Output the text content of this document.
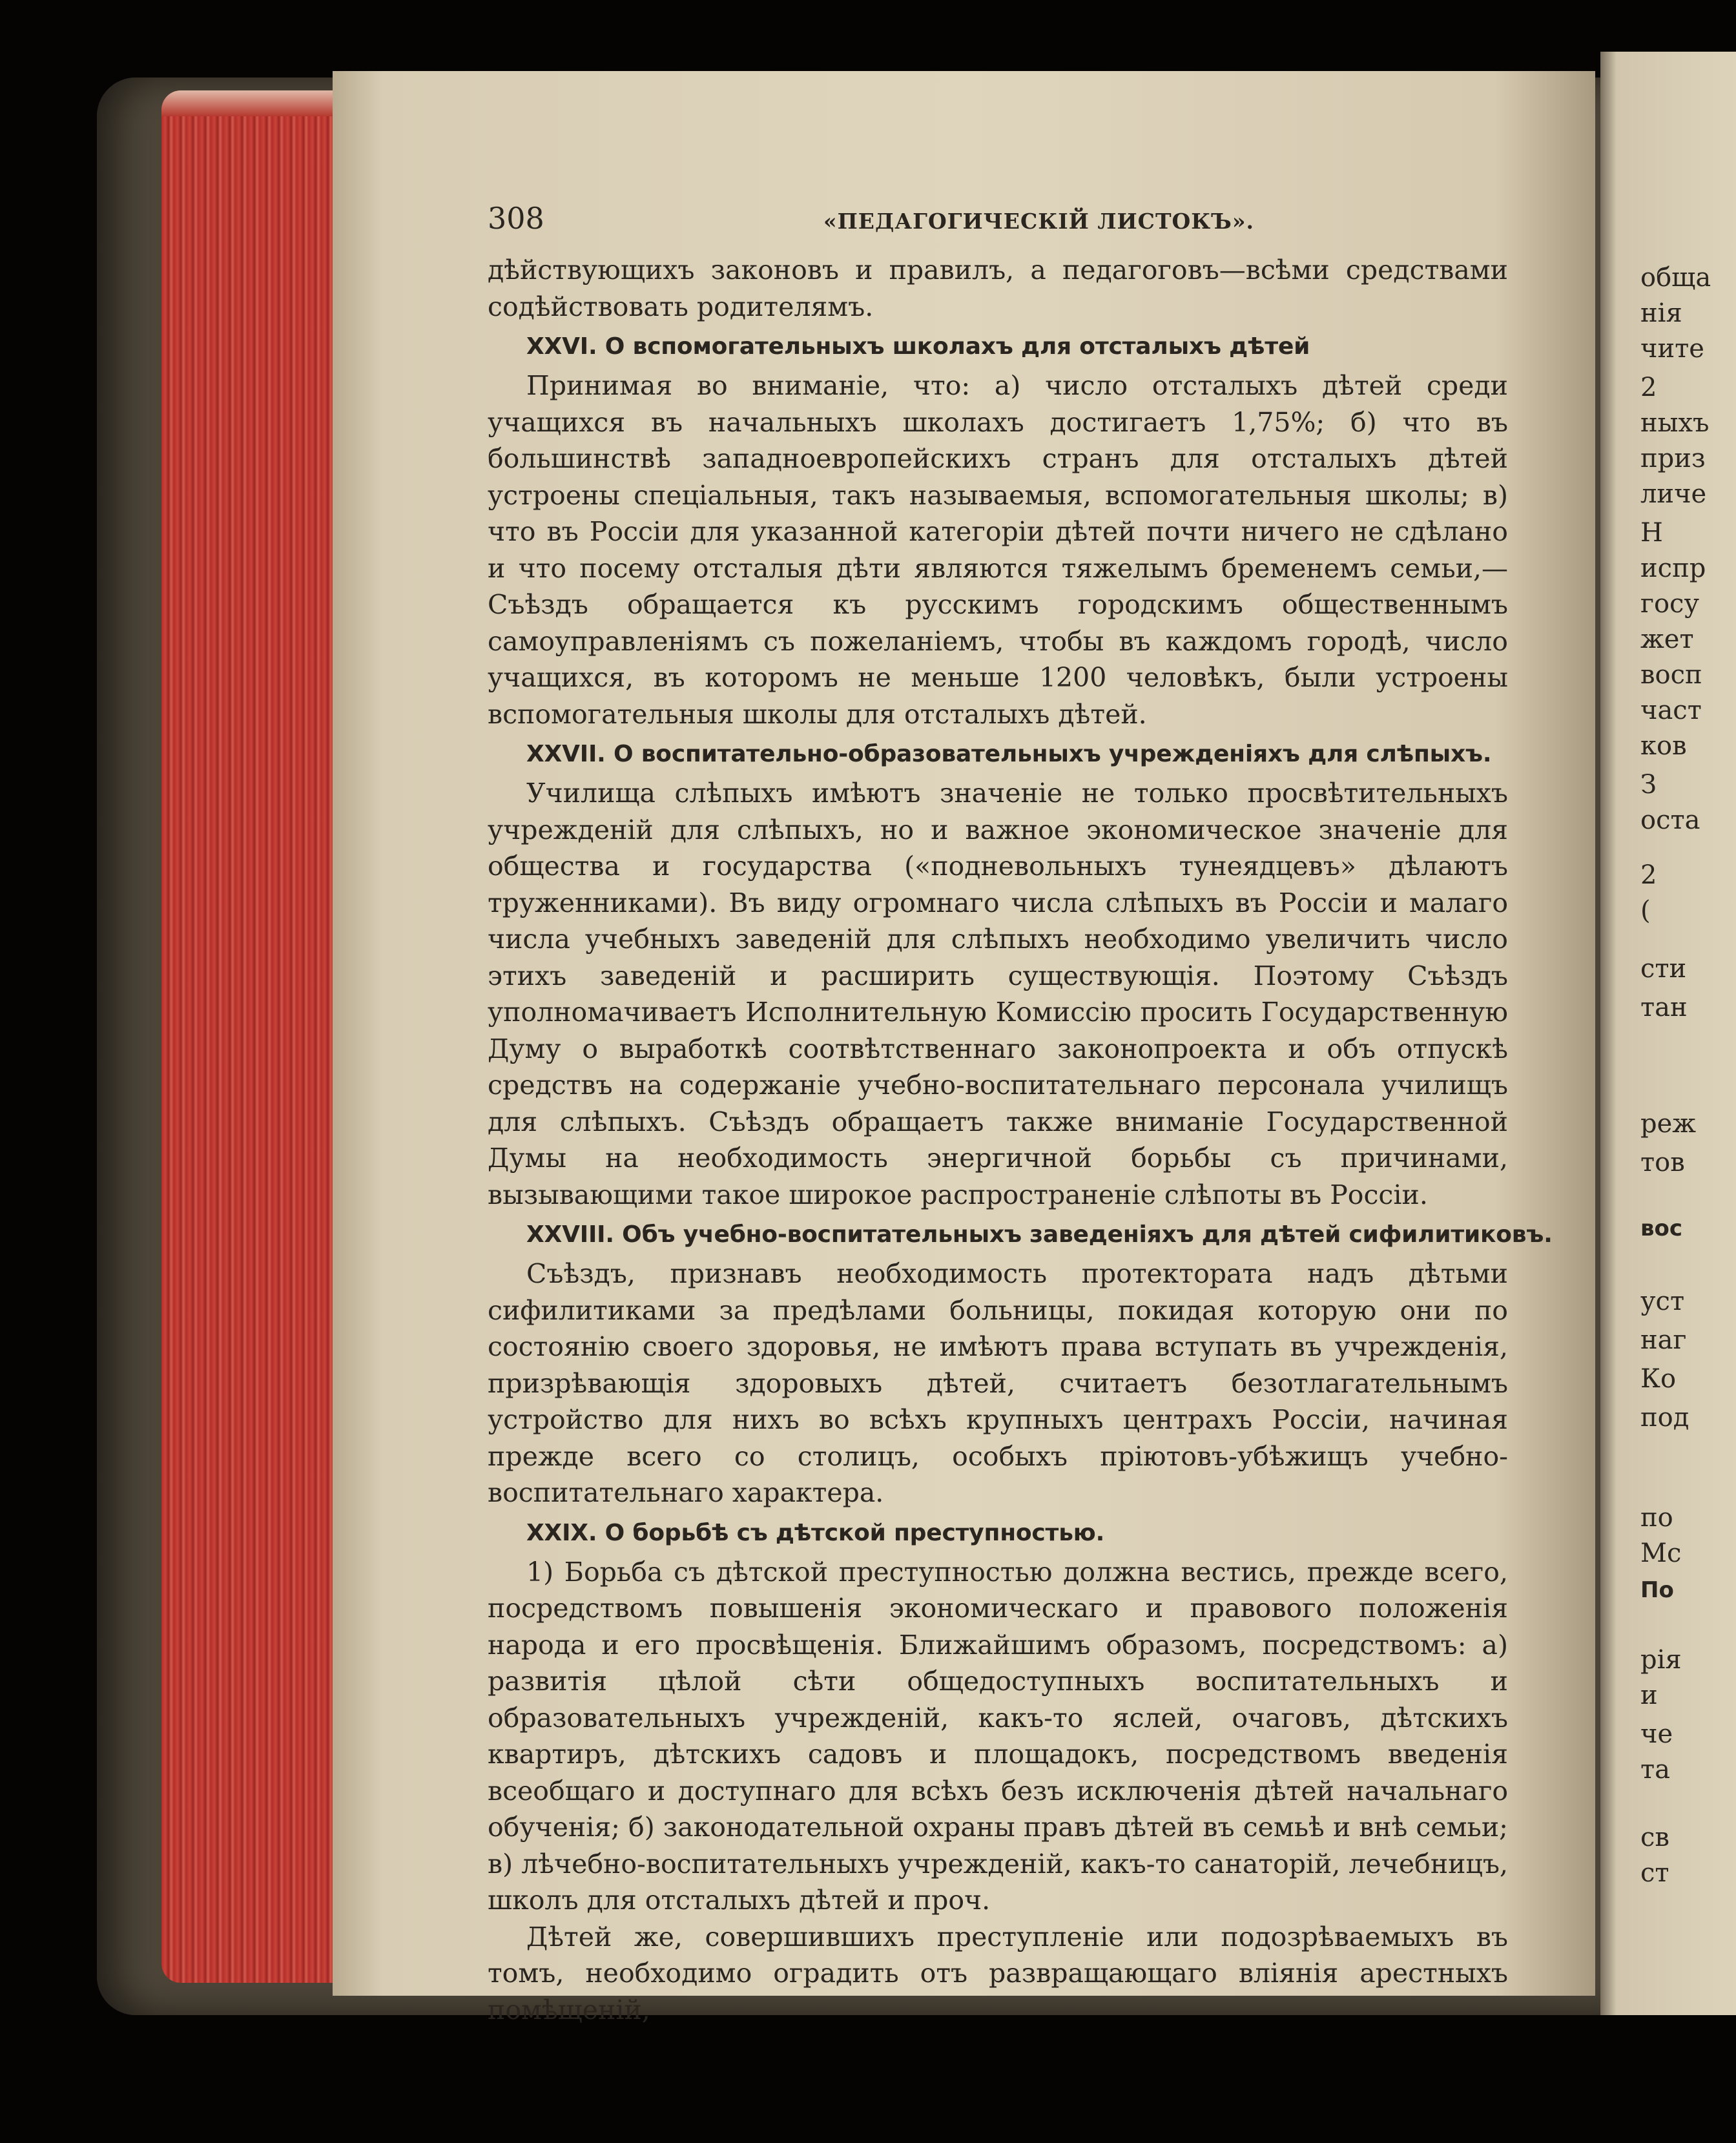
обща
нія
чите
2
ныхъ
приз
личе
Н
испр
госу
жет
восп
част
ков
З
оста
2
(
сти
тан
реж
тов
вос
уст
наг
Ко
под
по
Мс
По
рія
и
че
та
св
ст
308	«ПЕДАГОГИЧЕСКІЙ ЛИСТОКЪ».

дѣйствующихъ законовъ и правилъ, а педагоговъ—всѣми средствами содѣйствовать родителямъ.

XXVI. О вспомогательныхъ школахъ для отсталыхъ дѣтей

Принимая во вниманіе, что: а) число отсталыхъ дѣтей среди учащихся въ начальныхъ школахъ достигаетъ 1,75%; б) что въ большинствѣ западноевропейскихъ странъ для отсталыхъ дѣтей устроены спеціальныя, такъ называемыя, вспомогательныя школы; в) что въ Россіи для указанной категоріи дѣтей почти ничего не сдѣлано и что посему отсталыя дѣти являются тяжелымъ бременемъ семьи,—Съѣздъ обращается къ русскимъ городскимъ общественнымъ самоуправленіямъ съ пожеланіемъ, чтобы въ каждомъ городѣ, число учащихся, въ которомъ не меньше 1200 человѣкъ, были устроены вспомогательныя школы для отсталыхъ дѣтей.

XXVII. О воспитательно-образовательныхъ учрежденіяхъ для слѣпыхъ.

Училища слѣпыхъ имѣютъ значеніе не только просвѣтительныхъ учрежденій для слѣпыхъ, но и важное экономическое значеніе для общества и государства («подневольныхъ тунеядцевъ» дѣлаютъ труженниками). Въ виду огромнаго числа слѣпыхъ въ Россіи и малаго числа учебныхъ заведеній для слѣпыхъ необходимо увеличить число этихъ заведеній и расширить существующія. Поэтому Съѣздъ уполномачиваетъ Исполнительную Комиссію просить Государственную Думу о выработкѣ соотвѣтственнаго законопроекта и объ отпускѣ средствъ на содержаніе учебно-воспитательнаго персонала училищъ для слѣпыхъ. Съѣздъ обращаетъ также вниманіе Государственной Думы на необходимость энергичной борьбы съ причинами, вызывающими такое широкое распространеніе слѣпоты въ Россіи.

XXVIII. Объ учебно-воспитательныхъ заведеніяхъ для дѣтей сифилитиковъ.

Съѣздъ, признавъ необходимость протектората надъ дѣтьми сифилитиками за предѣлами больницы, покидая которую они по состоянію своего здоровья, не имѣютъ права вступать въ учрежденія, призрѣвающія здоровыхъ дѣтей, считаетъ безотлагательнымъ устройство для нихъ во всѣхъ крупныхъ центрахъ Россіи, начиная прежде всего со столицъ, особыхъ пріютовъ-убѣжищъ учебно-воспитательнаго характера.

XXIX. О борьбѣ съ дѣтской преступностью.

1) Борьба съ дѣтской преступностью должна вестись, прежде всего, посредствомъ повышенія экономическаго и правового положенія народа и его просвѣщенія. Ближайшимъ образомъ, посредствомъ: а) развитія цѣлой сѣти общедоступныхъ воспитательныхъ и образовательныхъ учрежденій, какъ-то яслей, очаговъ, дѣтскихъ квартиръ, дѣтскихъ садовъ и площадокъ, посредствомъ введенія всеобщаго и доступнаго для всѣхъ безъ исключенія дѣтей начальнаго обученія; б) законодательной охраны правъ дѣтей въ семьѣ и внѣ семьи; в) лѣчебно-воспитательныхъ учрежденій, какъ-то санаторій, лечебницъ, школъ для отсталыхъ дѣтей и проч.

Дѣтей же, совершившихъ преступленіе или подозрѣваемыхъ въ томъ, необходимо оградить отъ развращающаго вліянія арестныхъ помѣщеній,
